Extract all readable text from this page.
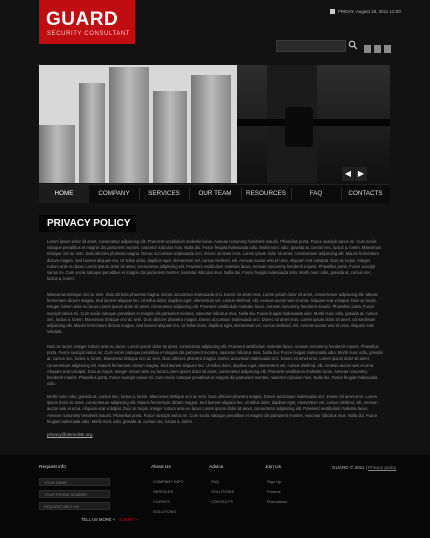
GUARD
SECURITY CONSULTANT
FRIDAY, August 18, 2011 12:00
◀ ▶
HOME	COMPANY	SERVICES	OUR TEAM	RESOURCES	FAQ	CONTACTS
PRIVACY POLICY

Lorem ipsum dolor sit amet, consectetur adipiscing elit. Praesent vestibulum molestie lacus. Aenean nonummy hendrerit mauris. Phasellus porta. Fusce suscipit varius mi. Cum sociis natoque penatibus et magnis dis parturient montes, nascetur ridiculus mus. Nulla dui. Fusce feugiat malesuada odio. Morbi nunc odio, gravida at, cursus nec, luctus a, lorem. Maecenas tristique orci ac sem. Duis ultricies pharetra magna. Donec accumsan malesuada orci. Donec sit amet eros. Lorem ipsum dolor sit amet, consectetuer adipiscing elit. Mauris fermentum dictum magna. Sed laoreet aliquam leo. Ut tellus dolor, dapibus eget, elementum vel, cursus eleifend, elit. Aenean auctor wisi et urna. Aliquam erat volutpat. Duis ac turpis. Integer rutrum ante eu lacus Lorem ipsum dolor sit amet, consectetur adipiscing elit. Praesent vestibulum molestie lacus. Aenean nonummy hendrerit mauris. Phasellus porta. Fusce suscipit varius mi. Cum sociis natoque penatibus et magnis dis parturient montes, nascetur ridiculus mus. Nulla dui. Fusce feugiat malesuada odio. Morbi nunc odio, gravida at, cursus nec, luctus a, lorem.

Maecenas tristique orci ac sem. Duis ultricies pharetra magna. Donec accumsan malesuada orci. Donec sit amet eros. Lorem ipsum dolor sit amet, consectetuer adipiscing elit. Mauris fermentum dictum magna. Sed laoreet aliquam leo. Ut tellus dolor, dapibus eget, elementum vel, cursus eleifend, elit. Aenean auctor wisi et urna. Aliquam erat volutpat. Duis ac turpis. Integer rutrum ante eu lacus Lorem ipsum dolor sit amet, consectetur adipiscing elit. Praesent vestibulum molestie lacus. Aenean nonummy hendrerit mauris. Phasellus porta. Fusce suscipit varius mi. Cum sociis natoque penatibus et magnis dis parturient montes, nascetur ridiculus mus. Nulla dui. Fusce feugiat malesuada odio. Morbi nunc odio, gravida at, cursus nec, luctus a, lorem. Maecenas tristique orci ac sem. Duis ultricies pharetra magna. Donec accumsan malesuada orci. Donec sit amet eros. Lorem ipsum dolor sit amet, consectetuer adipiscing elit. Mauris fermentum dictum magna. Sed laoreet aliquam leo. Ut tellus dolor, dapibus eget, elementum vel, cursus eleifend, elit. Aenean auctor wisi et urna. Aliquam erat volutpat.

Duis ac turpis. Integer rutrum ante eu lacus. Lorem ipsum dolor sit amet, consectetur adipiscing elit. Praesent vestibulum molestie lacus. Aenean nonummy hendrerit mauris. Phasellus porta. Fusce suscipit varius mi. Cum sociis natoque penatibus et magnis dis parturient montes, nascetur ridiculus mus. Nulla dui. Fusce feugiat malesuada odio. Morbi nunc odio, gravida at, cursus nec, luctus a, lorem. Maecenas tristique orci ac sem. Duis ultricies pharetra magna. Donec accumsan malesuada orci. Donec sit amet eros. Lorem ipsum dolor sit amet, consectetuer adipiscing elit. Mauris fermentum dictum magna. Sed laoreet aliquam leo. Ut tellus dolor, dapibus eget, elementum vel, cursus eleifend, elit. Aenean auctor wisi et urna. Aliquam erat volutpat. Duis ac turpis. Integer rutrum ante eu lacus Lorem ipsum dolor sit amet, consectetur adipiscing elit. Praesent vestibulum molestie lacus. Aenean nonummy hendrerit mauris. Phasellus porta. Fusce suscipit varius mi. Cum sociis natoque penatibus et magnis dis parturient montes, nascetur ridiculus mus. Nulla dui. Fusce feugiat malesuada odio.

Morbi nunc odio, gravida at, cursus nec, luctus a, lorem. Maecenas tristique orci ac sem. Duis ultricies pharetra magna. Donec accumsan malesuada orci. Donec sit amet eros. Lorem ipsum dolor sit amet, consectetuer adipiscing elit. Mauris fermentum dictum magna. Sed laoreet aliquam leo. Ut tellus dolor, dapibus eget, elementum vel, cursus eleifend, elit. Aenean auctor wisi et urna. Aliquam erat volutpat. Duis ac turpis. Integer rutrum ante eu lacus Lorem ipsum dolor sit amet, consectetur adipiscing elit. Praesent vestibulum molestie lacus. Aenean nonummy hendrerit mauris. Phasellus porta. Fusce suscipit varius mi. Cum sociis natoque penatibus et magnis dis parturient montes, nascetur ridiculus mus. Nulla dui. Fusce feugiat malesuada odio. Morbi nunc odio, gravida at, cursus nec, luctus a, lorem.

privacy@demolink.org
Request info
YOUR NAME
YOUR PHONE NUMBER
REQUEST INFO ON
TELL US MORE + SUBMIT +
About Us
COMPANY INFO
SERVICES
CLIENTS
SOLUTIONS
Advice
FAQ
SOLUTIONS
CONTACTS
Join Us
Sign Up
Forums
Promotions
GUARD © 2011 | Privacy policy
